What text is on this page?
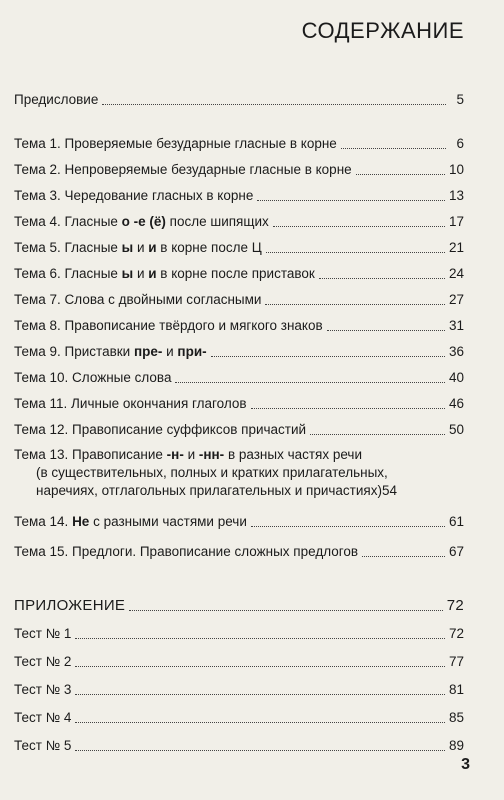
СОДЕРЖАНИЕ
Предисловие	5
Тема 1. Проверяемые безударные гласные в корне	6
Тема 2. Непроверяемые безударные гласные в корне	10
Тема 3. Чередование гласных в корне	13
Тема 4. Гласные о -е (ё) после шипящих	17
Тема 5. Гласные ы и и в корне после Ц	21
Тема 6. Гласные ы и и в корне после приставок	24
Тема 7. Слова с двойными согласными	27
Тема 8. Правописание твёрдого и мягкого знаков	31
Тема 9. Приставки пре- и при-	36
Тема 10. Сложные слова	40
Тема 11. Личные окончания глаголов	46
Тема 12. Правописание суффиксов причастий	50
Тема 13. Правописание -н- и -нн- в разных частях речи
(в существительных, полных и кратких прилагательных,
наречиях, отглагольных прилагательных и причастиях) 54
Тема 14. Не с разными частями речи	61
Тема 15. Предлоги. Правописание сложных предлогов	67
ПРИЛОЖЕНИЕ	72
Тест № 1	72
Тест № 2	77
Тест № 3	81
Тест № 4	85
Тест № 5	89
3
